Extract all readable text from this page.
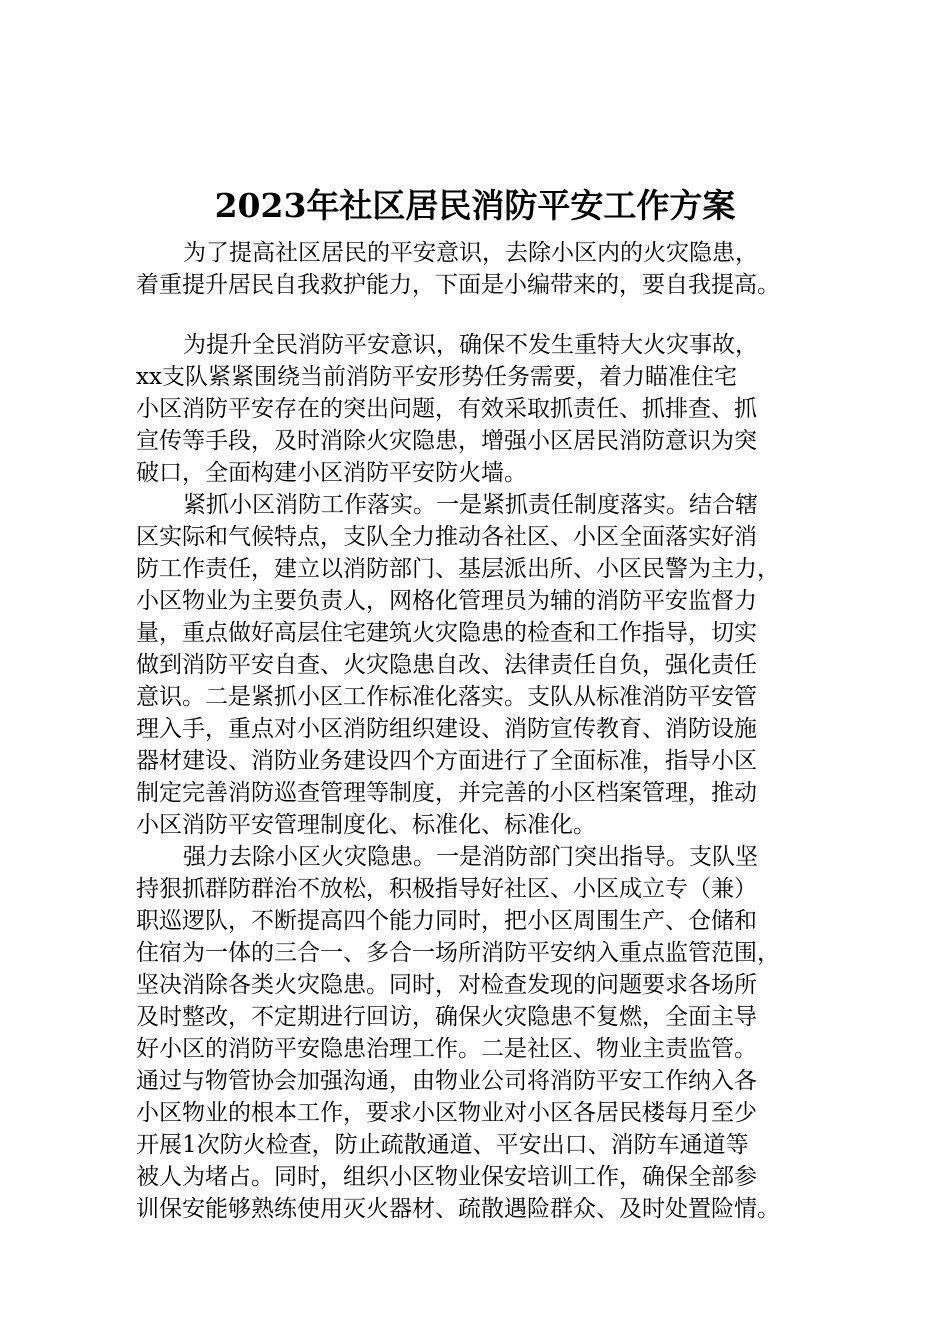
2023年社区居民消防平安工作方案

为了提高社区居民的平安意识，去除小区内的火灾隐患，

着重提升居民自我救护能力，下面是小编带来的，要自我提高。

为提升全民消防平安意识，确保不发生重特大火灾事故，

xx支队紧紧围绕当前消防平安形势任务需要，着力瞄准住宅

小区消防平安存在的突出问题，有效采取抓责任、抓排查、抓

宣传等手段，及时消除火灾隐患，增强小区居民消防意识为突

破口，全面构建小区消防平安防火墙。

紧抓小区消防工作落实。一是紧抓责任制度落实。结合辖

区实际和气候特点，支队全力推动各社区、小区全面落实好消

防工作责任，建立以消防部门、基层派出所、小区民警为主力，

小区物业为主要负责人，网格化管理员为辅的消防平安监督力

量，重点做好高层住宅建筑火灾隐患的检查和工作指导，切实

做到消防平安自查、火灾隐患自改、法律责任自负，强化责任

意识。二是紧抓小区工作标准化落实。支队从标准消防平安管

理入手，重点对小区消防组织建设、消防宣传教育、消防设施

器材建设、消防业务建设四个方面进行了全面标准，指导小区

制定完善消防巡查管理等制度，并完善的小区档案管理，推动

小区消防平安管理制度化、标准化、标准化。

强力去除小区火灾隐患。一是消防部门突出指导。支队坚

持狠抓群防群治不放松，积极指导好社区、小区成立专（兼）

职巡逻队，不断提高四个能力同时，把小区周围生产、仓储和

住宿为一体的三合一、多合一场所消防平安纳入重点监管范围，

坚决消除各类火灾隐患。同时，对检查发现的问题要求各场所

及时整改，不定期进行回访，确保火灾隐患不复燃，全面主导

好小区的消防平安隐患治理工作。二是社区、物业主责监管。

通过与物管协会加强沟通，由物业公司将消防平安工作纳入各

小区物业的根本工作，要求小区物业对小区各居民楼每月至少

开展1次防火检查，防止疏散通道、平安出口、消防车通道等

被人为堵占。同时，组织小区物业保安培训工作，确保全部参

训保安能够熟练使用灭火器材、疏散遇险群众、及时处置险情。
